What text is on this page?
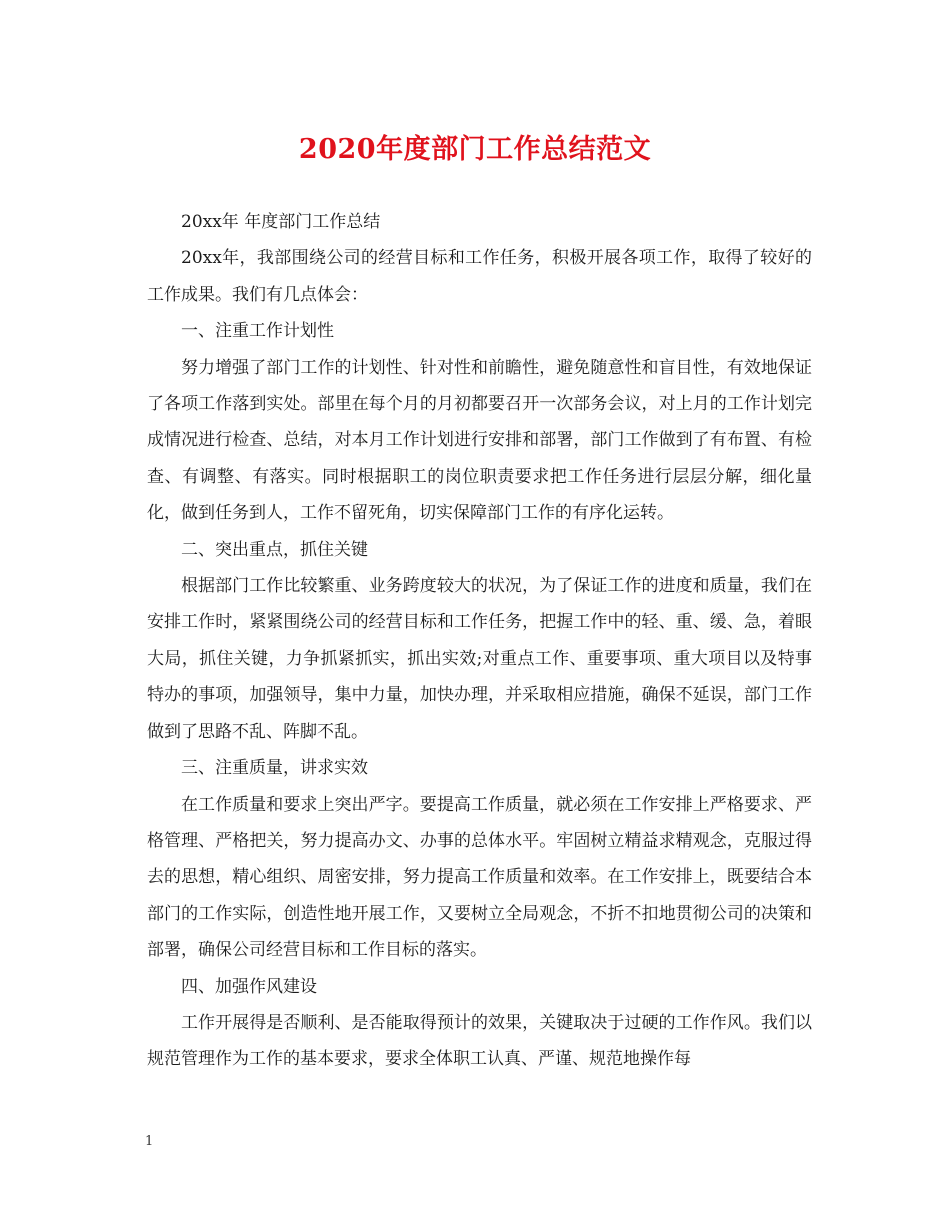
2020年度部门工作总结范文

20xx年 年度部门工作总结

20xx年，我部围绕公司的经营目标和工作任务，积极开展各项工作，取得了较好的工作成果。我们有几点体会：

一、注重工作计划性

努力增强了部门工作的计划性、针对性和前瞻性，避免随意性和盲目性，有效地保证了各项工作落到实处。部里在每个月的月初都要召开一次部务会议，对上月的工作计划完成情况进行检查、总结，对本月工作计划进行安排和部署，部门工作做到了有布置、有检查、有调整、有落实。同时根据职工的岗位职责要求把工作任务进行层层分解，细化量化，做到任务到人，工作不留死角，切实保障部门工作的有序化运转。

二、突出重点，抓住关键

根据部门工作比较繁重、业务跨度较大的状况，为了保证工作的进度和质量，我们在安排工作时，紧紧围绕公司的经营目标和工作任务，把握工作中的轻、重、缓、急，着眼大局，抓住关键，力争抓紧抓实，抓出实效;对重点工作、重要事项、重大项目以及特事特办的事项，加强领导，集中力量，加快办理，并采取相应措施，确保不延误，部门工作做到了思路不乱、阵脚不乱。

三、注重质量，讲求实效

在工作质量和要求上突出严字。要提高工作质量，就必须在工作安排上严格要求、严格管理、严格把关，努力提高办文、办事的总体水平。牢固树立精益求精观念，克服过得去的思想，精心组织、周密安排，努力提高工作质量和效率。在工作安排上，既要结合本部门的工作实际，创造性地开展工作，又要树立全局观念，不折不扣地贯彻公司的决策和部署，确保公司经营目标和工作目标的落实。

四、加强作风建设

工作开展得是否顺利、是否能取得预计的效果，关键取决于过硬的工作作风。我们以规范管理作为工作的基本要求，要求全体职工认真、严谨、规范地操作每

1
